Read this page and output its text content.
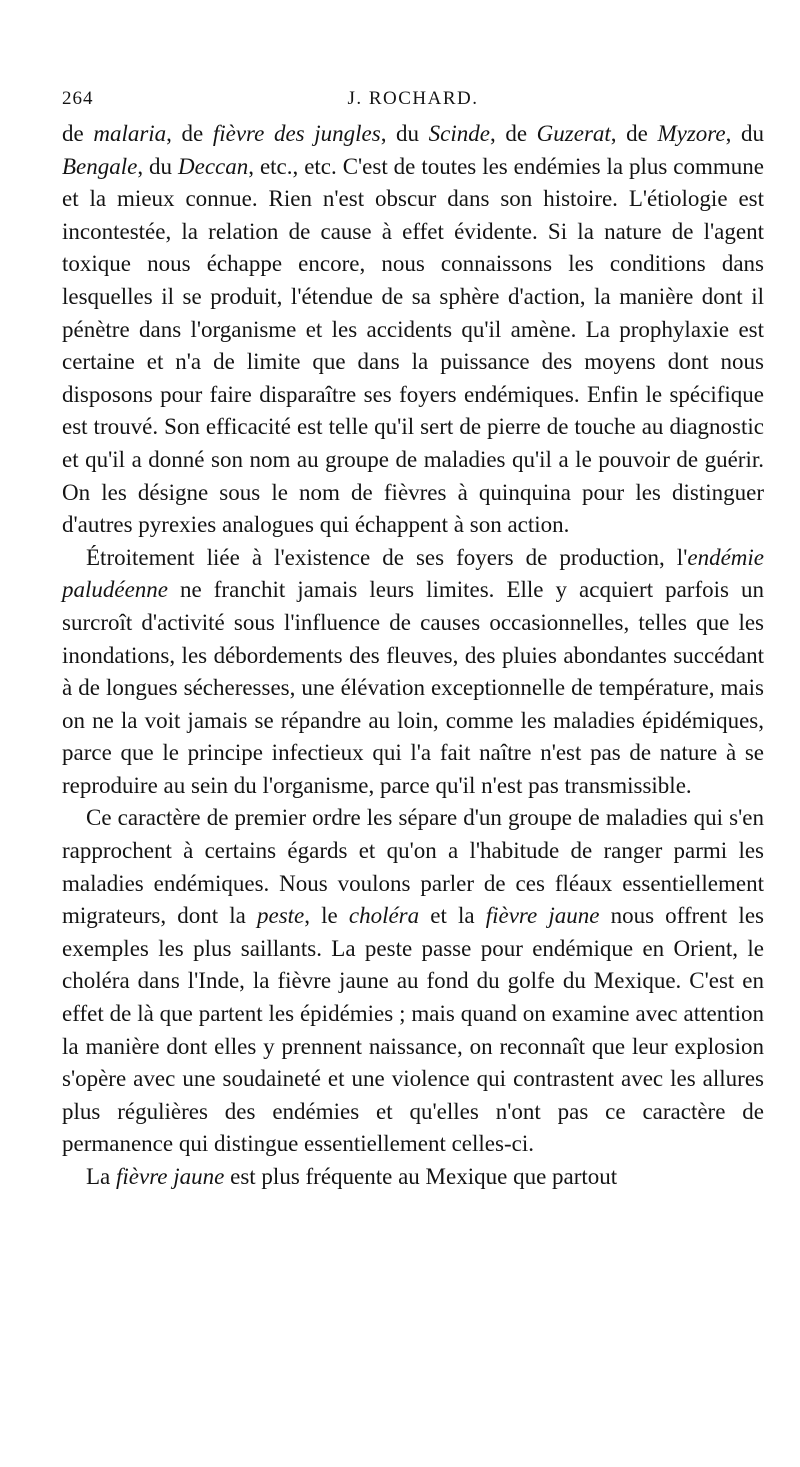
264	J. ROCHARD.

de malaria, de fièvre des jungles, du Scinde, de Guzerat, de Myzore, du Bengale, du Deccan, etc., etc. C'est de toutes les endémies la plus commune et la mieux connue. Rien n'est obscur dans son histoire. L'étiologie est incontestée, la relation de cause à effet évidente. Si la nature de l'agent toxique nous échappe encore, nous connaissons les conditions dans lesquelles il se produit, l'étendue de sa sphère d'action, la manière dont il pénètre dans l'organisme et les accidents qu'il amène. La prophylaxie est certaine et n'a de limite que dans la puissance des moyens dont nous disposons pour faire disparaître ses foyers endémiques. Enfin le spécifique est trouvé. Son efficacité est telle qu'il sert de pierre de touche au diagnostic et qu'il a donné son nom au groupe de maladies qu'il a le pouvoir de guérir. On les désigne sous le nom de fièvres à quinquina pour les distinguer d'autres pyrexies analogues qui échappent à son action.

Étroitement liée à l'existence de ses foyers de production, l'endémie paludéenne ne franchit jamais leurs limites. Elle y acquiert parfois un surcroît d'activité sous l'influence de causes occasionnelles, telles que les inondations, les débordements des fleuves, des pluies abondantes succédant à de longues sécheresses, une élévation exceptionnelle de température, mais on ne la voit jamais se répandre au loin, comme les maladies épidémiques, parce que le principe infectieux qui l'a fait naître n'est pas de nature à se reproduire au sein du l'organisme, parce qu'il n'est pas transmissible.

Ce caractère de premier ordre les sépare d'un groupe de maladies qui s'en rapprochent à certains égards et qu'on a l'habitude de ranger parmi les maladies endémiques. Nous voulons parler de ces fléaux essentiellement migrateurs, dont la peste, le choléra et la fièvre jaune nous offrent les exemples les plus saillants. La peste passe pour endémique en Orient, le choléra dans l'Inde, la fièvre jaune au fond du golfe du Mexique. C'est en effet de là que partent les épidémies ; mais quand on examine avec attention la manière dont elles y prennent naissance, on reconnaît que leur explosion s'opère avec une soudaineté et une violence qui contrastent avec les allures plus régulières des endémies et qu'elles n'ont pas ce caractère de permanence qui distingue essentiellement celles-ci.

La fièvre jaune est plus fréquente au Mexique que partout
